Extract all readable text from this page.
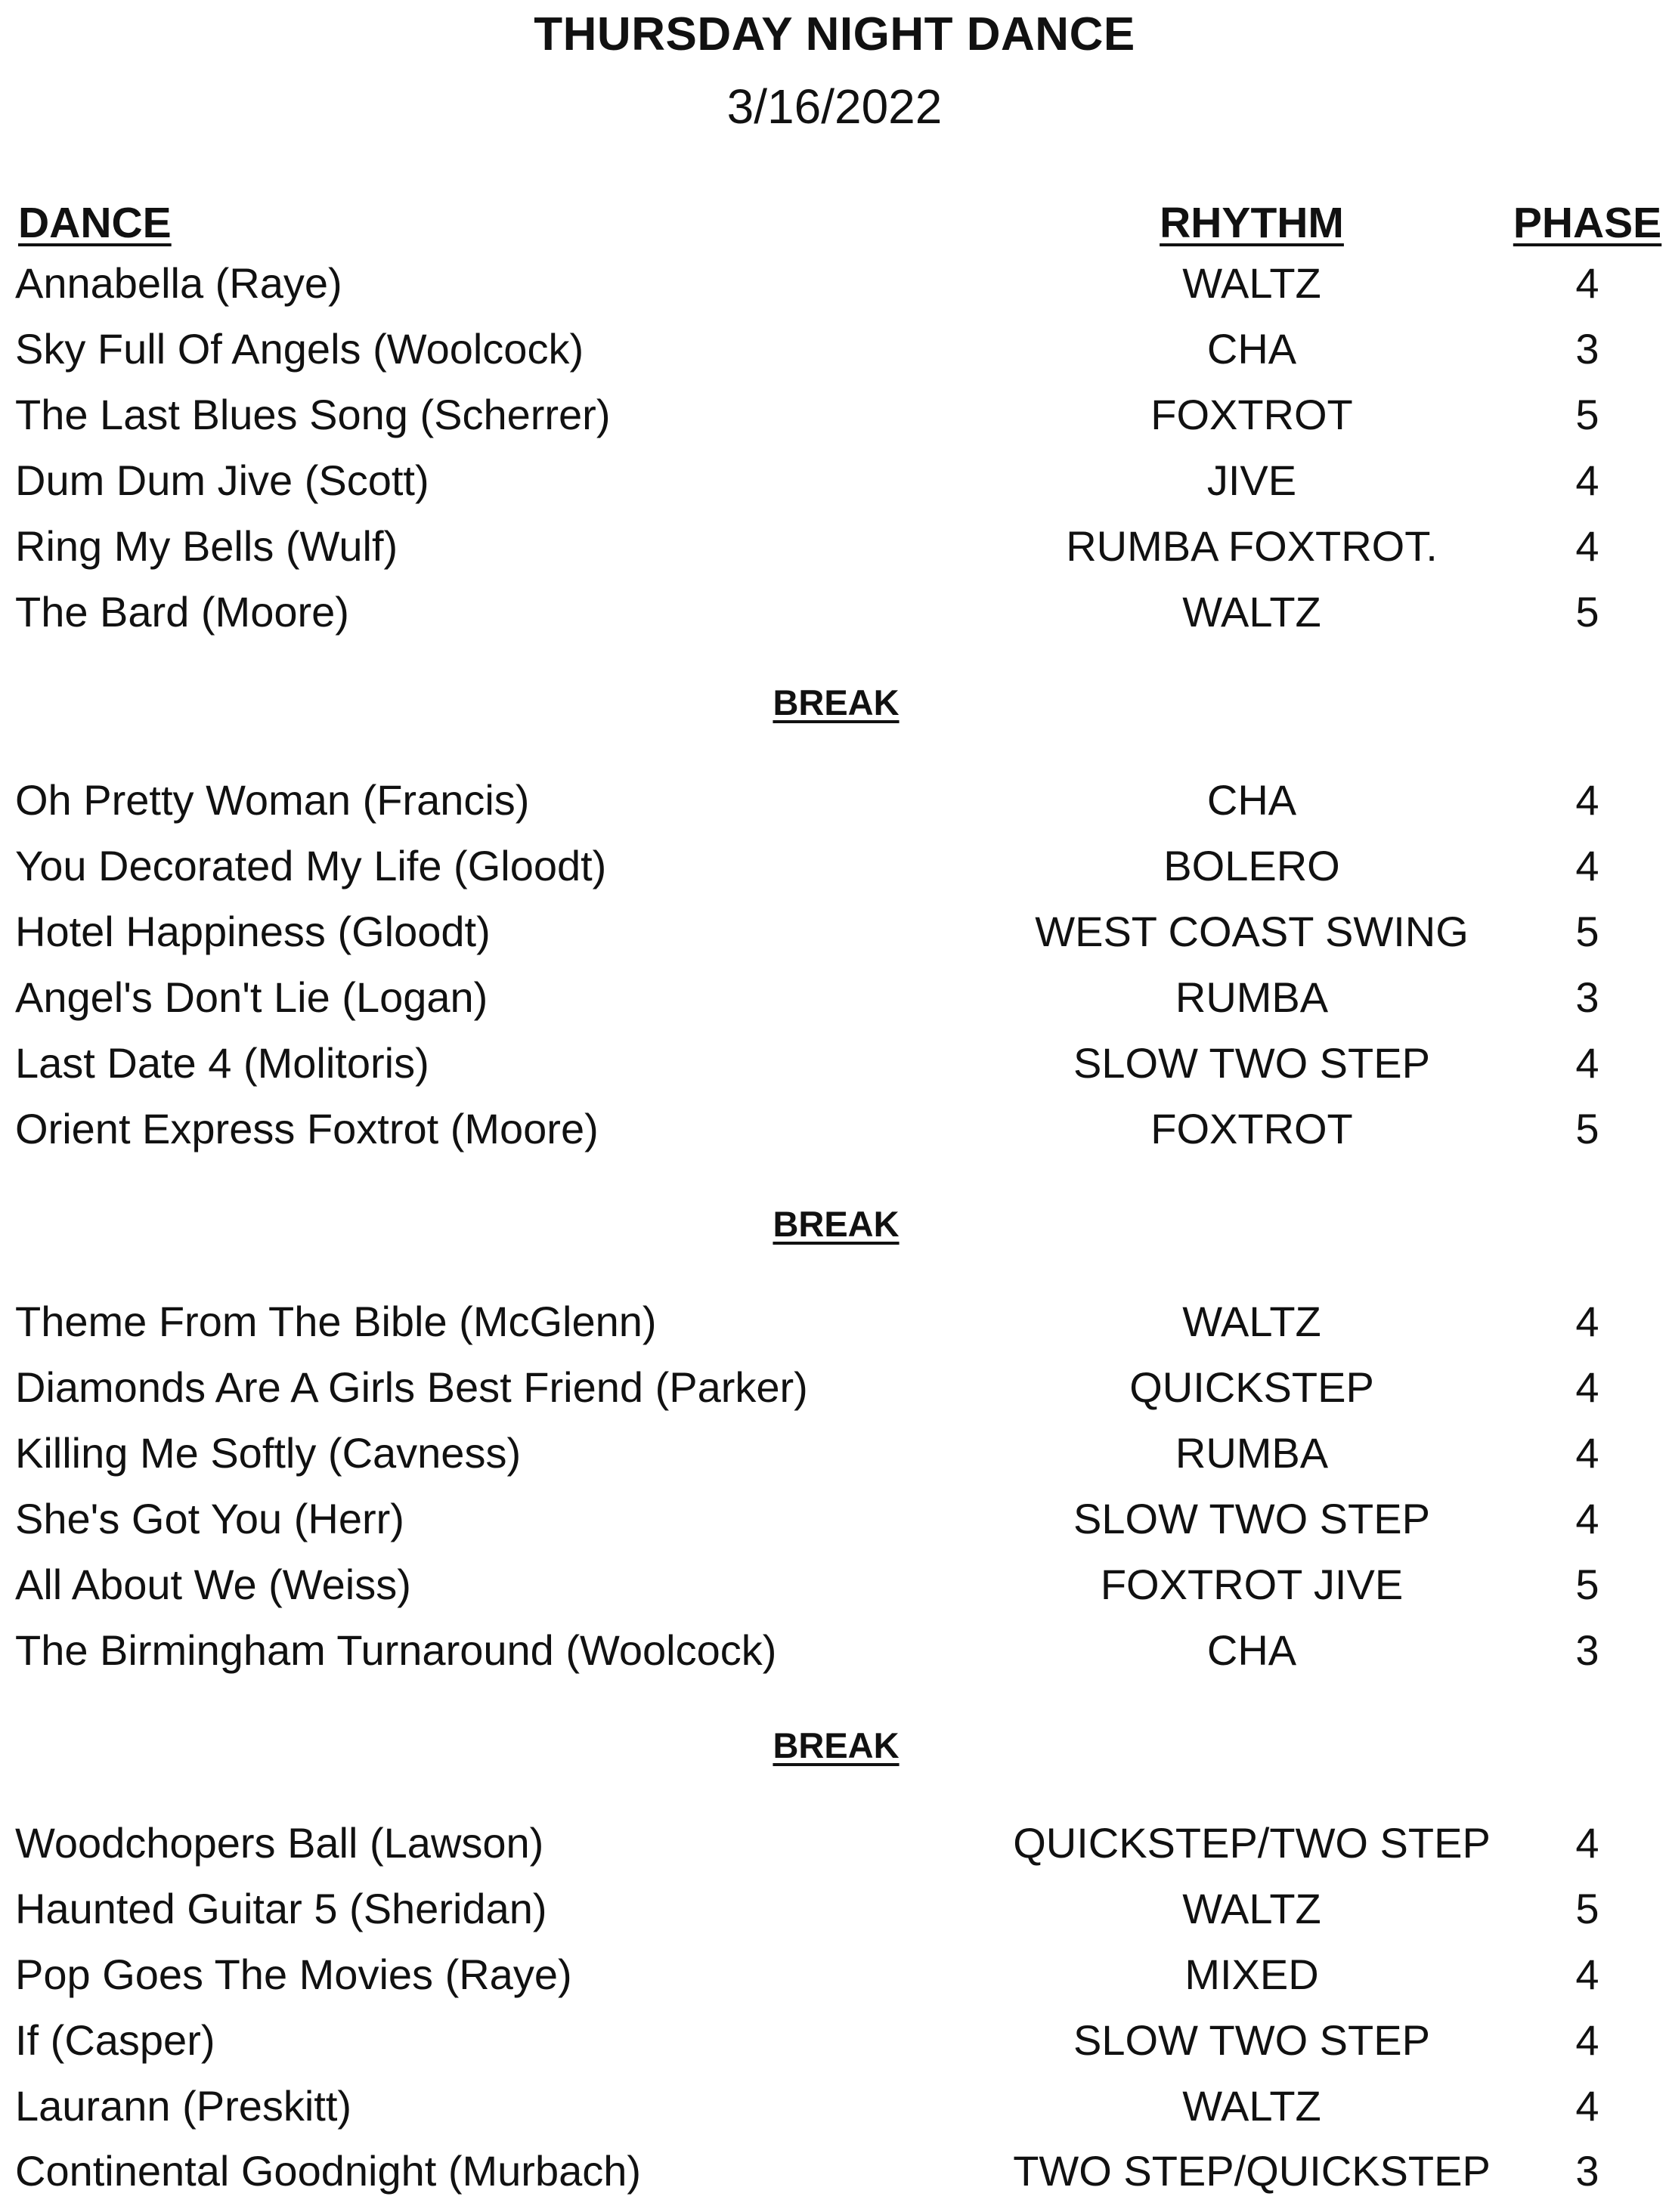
THURSDAY NIGHT DANCE
3/16/2022
DANCE	RHYTHM	PHASE
Annabella (Raye)	WALTZ	4
Sky Full Of Angels (Woolcock)	CHA	3
The Last Blues Song (Scherrer)	FOXTROT	5
Dum Dum Jive (Scott)	JIVE	4
Ring My Bells (Wulf)	RUMBA FOXTROT.	4
The Bard (Moore)	WALTZ	5
BREAK
Oh Pretty Woman (Francis)	CHA	4
You Decorated My Life (Gloodt)	BOLERO	4
Hotel Happiness (Gloodt)	WEST COAST SWING	5
Angel's Don't Lie (Logan)	RUMBA	3
Last Date 4 (Molitoris)	SLOW TWO STEP	4
Orient Express Foxtrot (Moore)	FOXTROT	5
BREAK
Theme From The Bible (McGlenn)	WALTZ	4
Diamonds Are A Girls Best Friend (Parker)	QUICKSTEP	4
Killing Me Softly (Cavness)	RUMBA	4
She's Got You (Herr)	SLOW TWO STEP	4
All About We (Weiss)	FOXTROT JIVE	5
The Birmingham Turnaround (Woolcock)	CHA	3
BREAK
Woodchopers Ball (Lawson)	QUICKSTEP/TWO STEP 4
Haunted Guitar 5 (Sheridan)	WALTZ	5
Pop Goes The Movies (Raye)	MIXED	4
If (Casper)	SLOW TWO STEP	4
Laurann (Preskitt)	WALTZ	4
Continental Goodnight (Murbach)	TWO STEP/QUICKSTEP 3
